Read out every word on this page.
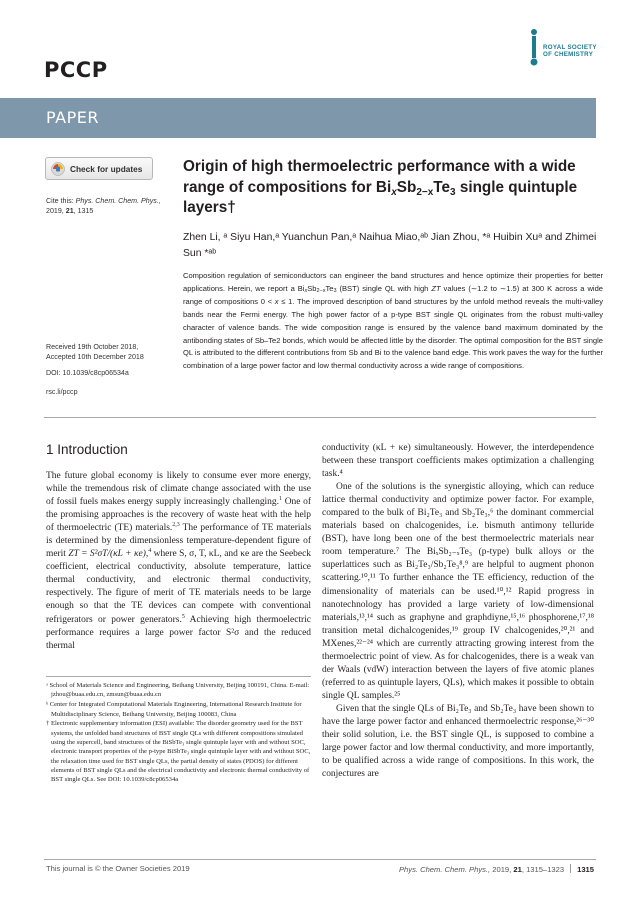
PCCP
ROYAL SOCIETY
OF CHEMISTRY
PAPER
Check for updates
Cite this: Phys. Chem. Chem. Phys.,
2019, 21, 1315
Received 19th October 2018,
Accepted 10th December 2018
DOI: 10.1039/c8cp06534a
rsc.li/pccp
Origin of high thermoelectric performance with a wide range of compositions for $Bi_xSb_{2-x}Te_3$ single quintuple layers†
Zhen Li, ᵃ Siyu Han,ᵃ Yuanchun Pan,ᵃ Naihua Miao,ᵃᵇ Jian Zhou, *ᵃ Huibin Xuᵃ and Zhimei Sun *ᵃᵇ
Composition regulation of semiconductors can engineer the band structures and hence optimize their properties for better applications. Herein, we report a $Bi_xSb_{2-x}Te_3$ (BST) single QL with high ZT values (∼1.2 to ∼1.5) at 300 K across a wide range of compositions 0 < x ≤ 1. The improved description of band structures by the unfold method reveals the multi-valley bands near the Fermi energy. The high power factor of a p-type BST single QL originates from the robust multi-valley character of valence bands. The wide composition range is ensured by the valence band maximum dominated by the antibonding states of Sb–Te2 bonds, which would be affected little by the disorder. The optimal composition for the BST single QL is attributed to the different contributions from Sb and Bi to the valence band edge. This work paves the way for the further combination of a large power factor and low thermal conductivity across a wide range of compositions.
1 Introduction

The future global economy is likely to consume ever more energy, while the tremendous risk of climate change associated with the use of fossil fuels makes energy supply increasingly challenging.$^1$ One of the promising approaches is the recovery of waste heat with the help of thermoelectric (TE) materials.$^{2,3}$ The performance of TE materials is determined by the dimensionless temperature-dependent figure of merit ZT = S²σT/(κL + κe),$^4$ where S, σ, T, κL, and κe are the Seebeck coefficient, electrical conductivity, absolute temperature, lattice thermal conductivity, and electronic thermal conductivity, respectively. The figure of merit of TE materials needs to be large enough so that the TE devices can compete with conventional refrigerators or power generators.$^5$ Achieving high thermoelectric performance requires a large power factor S²σ and the reduced thermal

ᵃ School of Materials Science and Engineering, Beihang University, Beijing 100191, China. E-mail: jzhou@buaa.edu.cn, zmsun@buaa.edu.cn
ᵇ Center for Integrated Computational Materials Engineering, International Research Institute for Multidisciplinary Science, Beihang University, Beijing 100083, China
† Electronic supplementary information (ESI) available: The disorder geometry used for the BST systems, the unfolded band structures of BST single QLs with different compositions simulated using the supercell, band structures of the BiSbTe₃ single quintuple layer with and without SOC, electronic transport properties of the p-type BiSbTe₃ single quintuple layer with and without SOC, the relaxation time used for BST single QLs, the partial density of states (PDOS) for different elements of BST single QLs and the electrical conductivity and electronic thermal conductivity of BST single QLs. See DOI: 10.1039/c8cp06534a

conductivity (κL + κe) simultaneously. However, the interdependence between these transport coefficients makes optimization a challenging task.⁴

One of the solutions is the synergistic alloying, which can reduce lattice thermal conductivity and optimize power factor. For example, compared to the bulk of Bi₂Te₃ and Sb₂Te₃,⁶ the dominant commercial materials based on chalcogenides, i.e. bismuth antimony telluride (BST), have long been one of the best thermoelectric materials near room temperature.⁷ The BiₓSb₂₋ₓTe₃ (p-type) bulk alloys or the superlattices such as Bi₂Te₃/Sb₂Te₃⁸,⁹ are helpful to augment phonon scattering.¹⁰,¹¹ To further enhance the TE efficiency, reduction of the dimensionality of materials can be used.¹⁰,¹² Rapid progress in nanotechnology has provided a large variety of low-dimensional materials,¹³,¹⁴ such as graphyne and graphdiyne,¹⁵,¹⁶ phosphorene,¹⁷,¹⁸ transition metal dichalcogenides,¹⁹ group IV chalcogenides,²⁰,²¹ and MXenes,²²⁻²⁴ which are currently attracting growing interest from the thermoelectric point of view. As for chalcogenides, there is a weak van der Waals (vdW) interaction between the layers of five atomic planes (referred to as quintuple layers, QLs), which makes it possible to obtain single QL samples.²⁵

Given that the single QLs of Bi₂Te₃ and Sb₂Te₃ have been shown to have the large power factor and enhanced thermoelectric response,²⁶⁻³⁰ their solid solution, i.e. the BST single QL, is supposed to combine a large power factor and low thermal conductivity, and more importantly, to be qualified across a wide range of compositions. In this work, the conjectures are

This journal is © the Owner Societies 2019	Phys. Chem. Chem. Phys., 2019, 21, 1315–1323 1315
